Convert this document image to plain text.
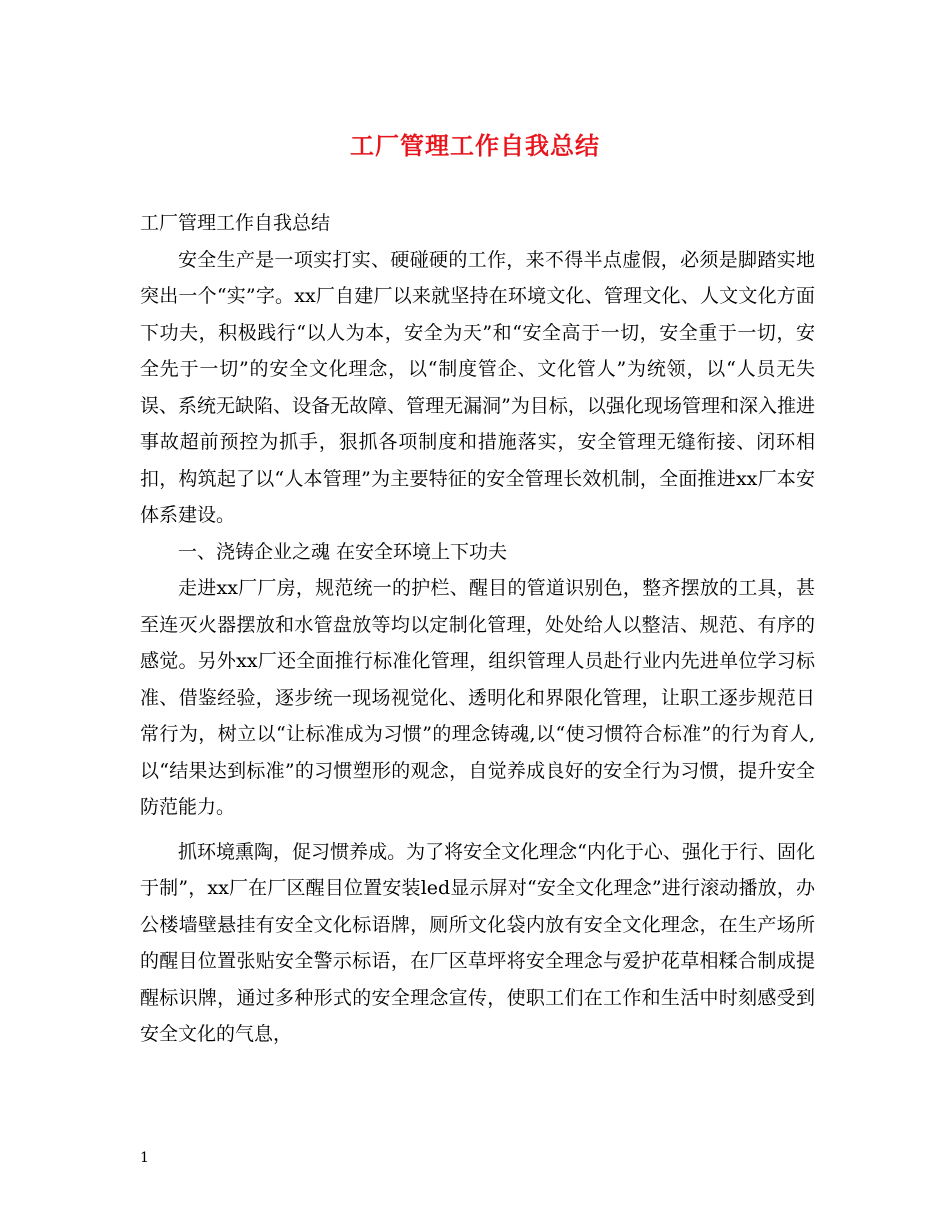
工厂管理工作自我总结

工厂管理工作自我总结

安全生产是一项实打实、硬碰硬的工作，来不得半点虚假，必须是脚踏实地突出一个“实”字。xx厂自建厂以来就坚持在环境文化、管理文化、人文文化方面下功夫，积极践行“以人为本，安全为天”和“安全高于一切，安全重于一切，安全先于一切”的安全文化理念，以“制度管企、文化管人”为统领，以“人员无失误、系统无缺陷、设备无故障、管理无漏洞”为目标，以强化现场管理和深入推进事故超前预控为抓手，狠抓各项制度和措施落实，安全管理无缝衔接、闭环相扣，构筑起了以“人本管理”为主要特征的安全管理长效机制，全面推进xx厂本安体系建设。

一、浇铸企业之魂 在安全环境上下功夫

走进xx厂厂房，规范统一的护栏、醒目的管道识别色，整齐摆放的工具，甚至连灭火器摆放和水管盘放等均以定制化管理，处处给人以整洁、规范、有序的感觉。另外xx厂还全面推行标准化管理，组织管理人员赴行业内先进单位学习标准、借鉴经验，逐步统一现场视觉化、透明化和界限化管理，让职工逐步规范日常行为，树立以“让标准成为习惯”的理念铸魂,以“使习惯符合标准”的行为育人,以“结果达到标准”的习惯塑形的观念，自觉养成良好的安全行为习惯，提升安全防范能力。

抓环境熏陶，促习惯养成。为了将安全文化理念“内化于心、强化于行、固化于制”，xx厂在厂区醒目位置安装led显示屏对“安全文化理念”进行滚动播放，办公楼墙壁悬挂有安全文化标语牌，厕所文化袋内放有安全文化理念，在生产场所的醒目位置张贴安全警示标语，在厂区草坪将安全理念与爱护花草相糅合制成提醒标识牌，通过多种形式的安全理念宣传，使职工们在工作和生活中时刻感受到安全文化的气息，

1
